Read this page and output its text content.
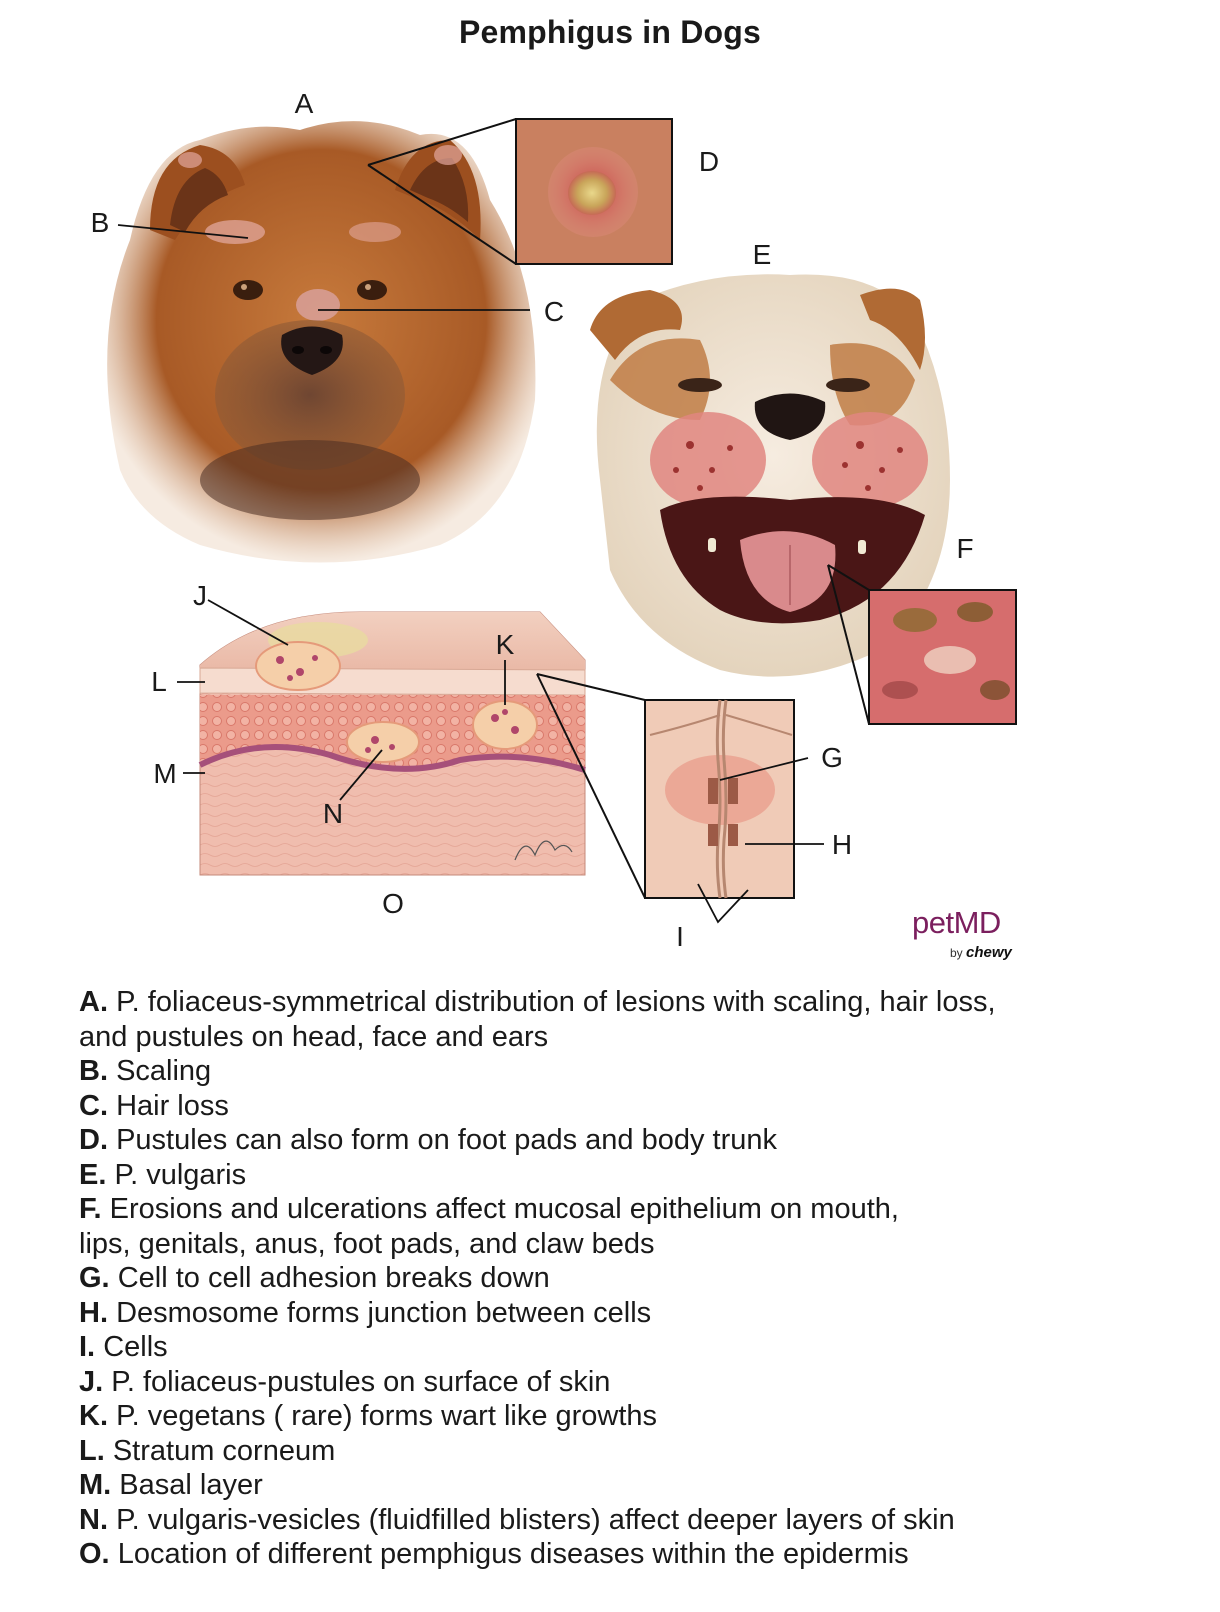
Pemphigus in Dogs
A
B
C
D
E
F
G
H
I
J
K
L
M
N
O
petMD
by chewy
A. P. foliaceus-symmetrical distribution of lesions with scaling, hair loss,
and pustules on head, face and ears
B. Scaling
C. Hair loss
D. Pustules can also form on foot pads and body trunk
E. P. vulgaris
F. Erosions and ulcerations affect mucosal epithelium on mouth,
lips, genitals, anus, foot pads, and claw beds
G. Cell to cell adhesion breaks down
H. Desmosome forms junction between cells
I. Cells
J. P. foliaceus-pustules on surface of skin
K. P. vegetans ( rare) forms wart like growths
L. Stratum corneum
M. Basal layer
N. P. vulgaris-vesicles (fluidfilled blisters) affect deeper layers of skin
O. Location of different pemphigus diseases within the epidermis
